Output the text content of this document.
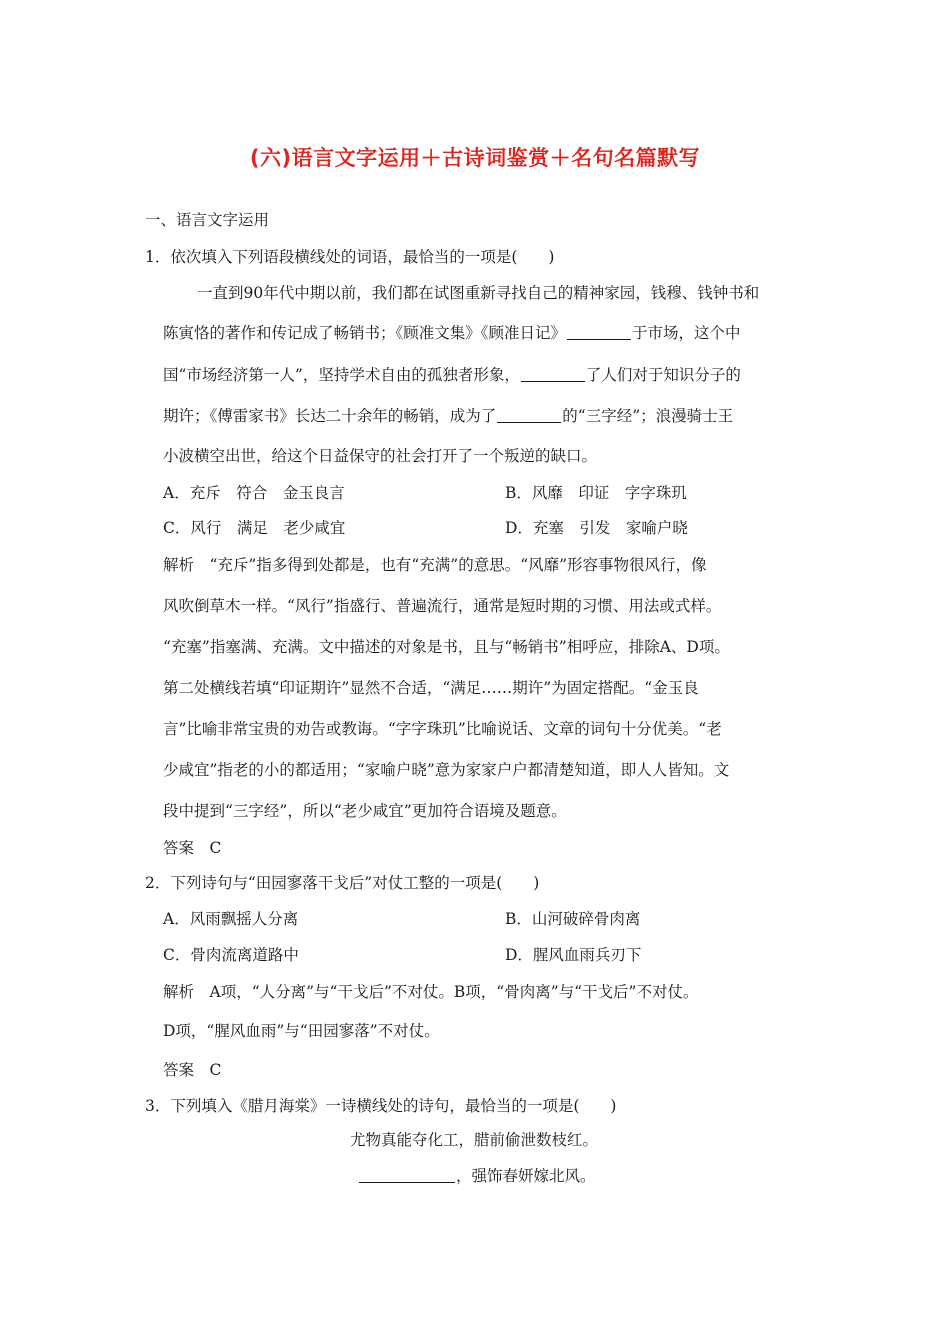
(六)语言文字运用＋古诗词鉴赏＋名句名篇默写
一、语言文字运用
1．依次填入下列语段横线处的词语，最恰当的一项是(　　)
一直到90年代中期以前，我们都在试图重新寻找自己的精神家园，钱穆、钱钟书和
陈寅恪的著作和传记成了畅销书；《顾准文集》《顾准日记》	于市场，这个中
国“市场经济第一人”，坚持学术自由的孤独者形象，	了人们对于知识分子的
期许；《傅雷家书》长达二十余年的畅销，成为了	的“三字经”；浪漫骑士王
小波横空出世，给这个日益保守的社会打开了一个叛逆的缺口。
A．充斥　符合　金玉良言	B．风靡　印证　字字珠玑
C．风行　满足　老少咸宜	D．充塞　引发　家喻户晓
解析　“充斥”指多得到处都是，也有“充满”的意思。“风靡”形容事物很风行，像
风吹倒草木一样。“风行”指盛行、普遍流行，通常是短时期的习惯、用法或式样。
“充塞”指塞满、充满。文中描述的对象是书，且与“畅销书”相呼应，排除A、D项。
第二处横线若填“印证期许”显然不合适，“满足……期许”为固定搭配。“金玉良
言”比喻非常宝贵的劝告或教诲。“字字珠玑”比喻说话、文章的词句十分优美。“老
少咸宜”指老的小的都适用；“家喻户晓”意为家家户户都清楚知道，即人人皆知。文
段中提到“三字经”，所以“老少咸宜”更加符合语境及题意。
答案　C
2．下列诗句与“田园寥落干戈后”对仗工整的一项是(　　)
A．风雨飘摇人分离	B．山河破碎骨肉离
C．骨肉流离道路中	D．腥风血雨兵刃下
解析　A项，“人分离”与“干戈后”不对仗。B项，“骨肉离”与“干戈后”不对仗。
D项，“腥风血雨”与“田园寥落”不对仗。
答案　C
3．下列填入《腊月海棠》一诗横线处的诗句，最恰当的一项是(　　)
尤物真能夺化工，腊前偷泄数枝红。
，强饰春妍嫁北风。
